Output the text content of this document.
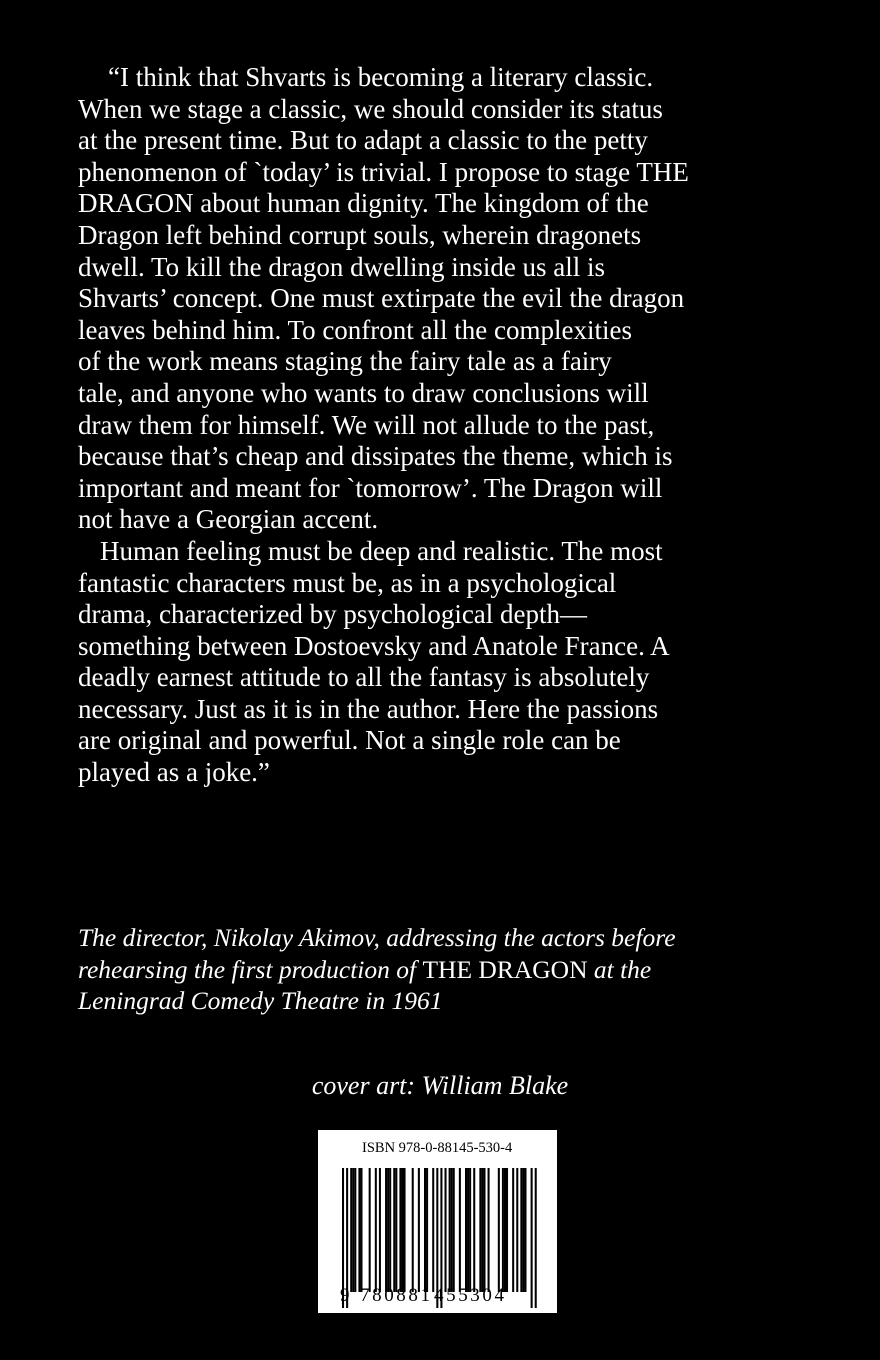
“I think that Shvarts is becoming a literary classic.
When we stage a classic, we should consider its status
at the present time. But to adapt a classic to the petty
phenomenon of `today’ is trivial. I propose to stage THE
DRAGON about human dignity. The kingdom of the
Dragon left behind corrupt souls, wherein dragonets
dwell. To kill the dragon dwelling inside us all is
Shvarts’ concept. One must extirpate the evil the dragon
leaves behind him. To confront all the complexities
of the work means staging the fairy tale as a fairy
tale, and anyone who wants to draw conclusions will
draw them for himself. We will not allude to the past,
because that’s cheap and dissipates the theme, which is
important and meant for `tomorrow’. The Dragon will
not have a Georgian accent.
Human feeling must be deep and realistic. The most
fantastic characters must be, as in a psychological
drama, characterized by psychological depth—
something between Dostoevsky and Anatole France. A
deadly earnest attitude to all the fantasy is absolutely
necessary. Just as it is in the author. Here the passions
are original and powerful. Not a single role can be
played as a joke.”
The director, Nikolay Akimov, addressing the actors before
rehearsing the first production of THE DRAGON at the
Leningrad Comedy Theatre in 1961
cover art: William Blake
ISBN 978-0-88145-530-4
9 780881 455304
